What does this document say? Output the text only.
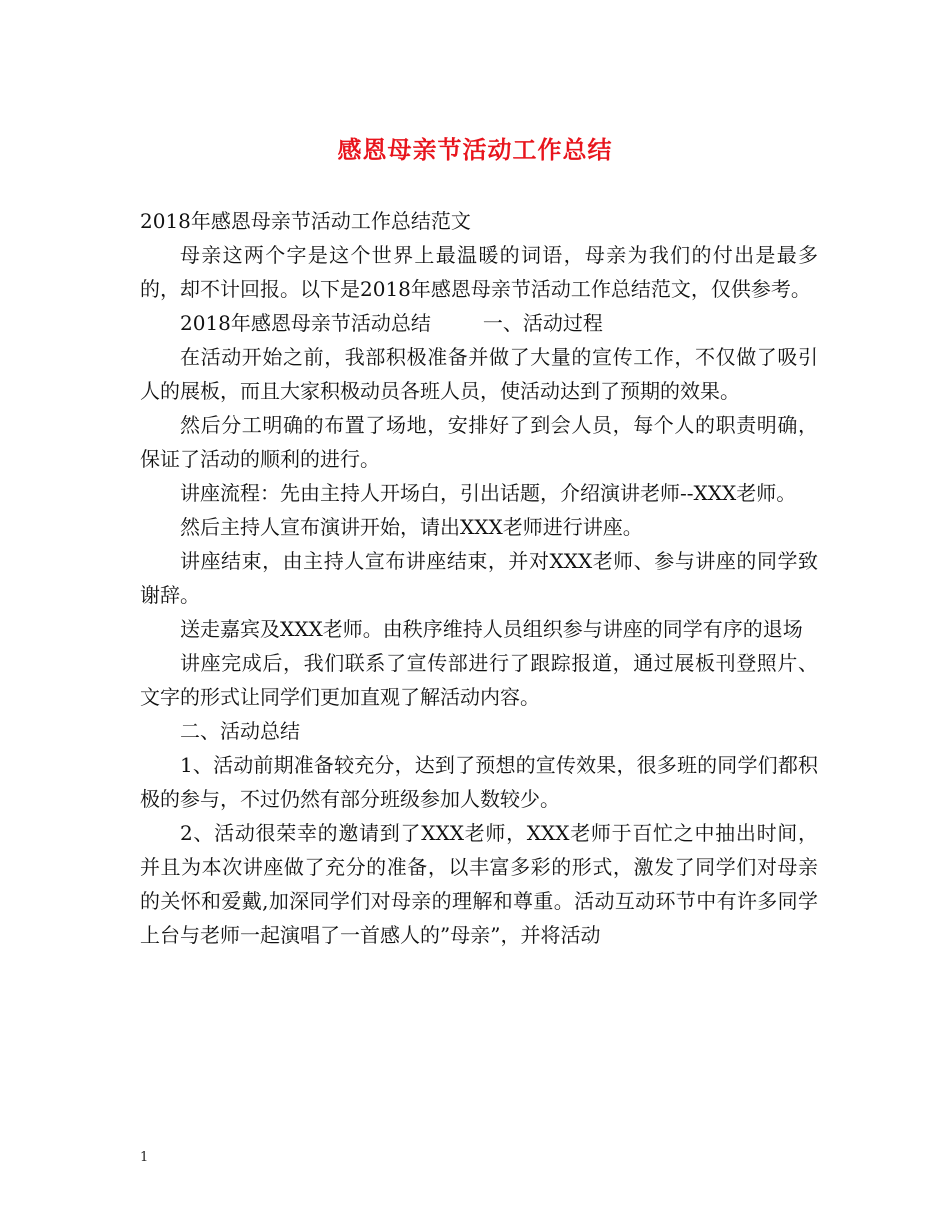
感恩母亲节活动工作总结

2018年感恩母亲节活动工作总结范文

母亲这两个字是这个世界上最温暖的词语，母亲为我们的付出是最多的，却不计回报。以下是2018年感恩母亲节活动工作总结范文，仅供参考。

2018年感恩母亲节活动总结	一、活动过程

在活动开始之前，我部积极准备并做了大量的宣传工作，不仅做了吸引人的展板，而且大家积极动员各班人员，使活动达到了预期的效果。

然后分工明确的布置了场地，安排好了到会人员，每个人的职责明确，保证了活动的顺利的进行。

讲座流程：先由主持人开场白，引出话题，介绍演讲老师--XXX老师。

然后主持人宣布演讲开始，请出XXX老师进行讲座。

讲座结束，由主持人宣布讲座结束，并对XXX老师、参与讲座的同学致谢辞。

送走嘉宾及XXX老师。由秩序维持人员组织参与讲座的同学有序的退场

讲座完成后，我们联系了宣传部进行了跟踪报道，通过展板刊登照片、文字的形式让同学们更加直观了解活动内容。

二、活动总结

1、活动前期准备较充分，达到了预想的宣传效果，很多班的同学们都积极的参与，不过仍然有部分班级参加人数较少。

2、活动很荣幸的邀请到了XXX老师，XXX老师于百忙之中抽出时间，并且为本次讲座做了充分的准备，以丰富多彩的形式，激发了同学们对母亲的关怀和爱戴,加深同学们对母亲的理解和尊重。活动互动环节中有许多同学上台与老师一起演唱了一首感人的”母亲”，并将活动

1
